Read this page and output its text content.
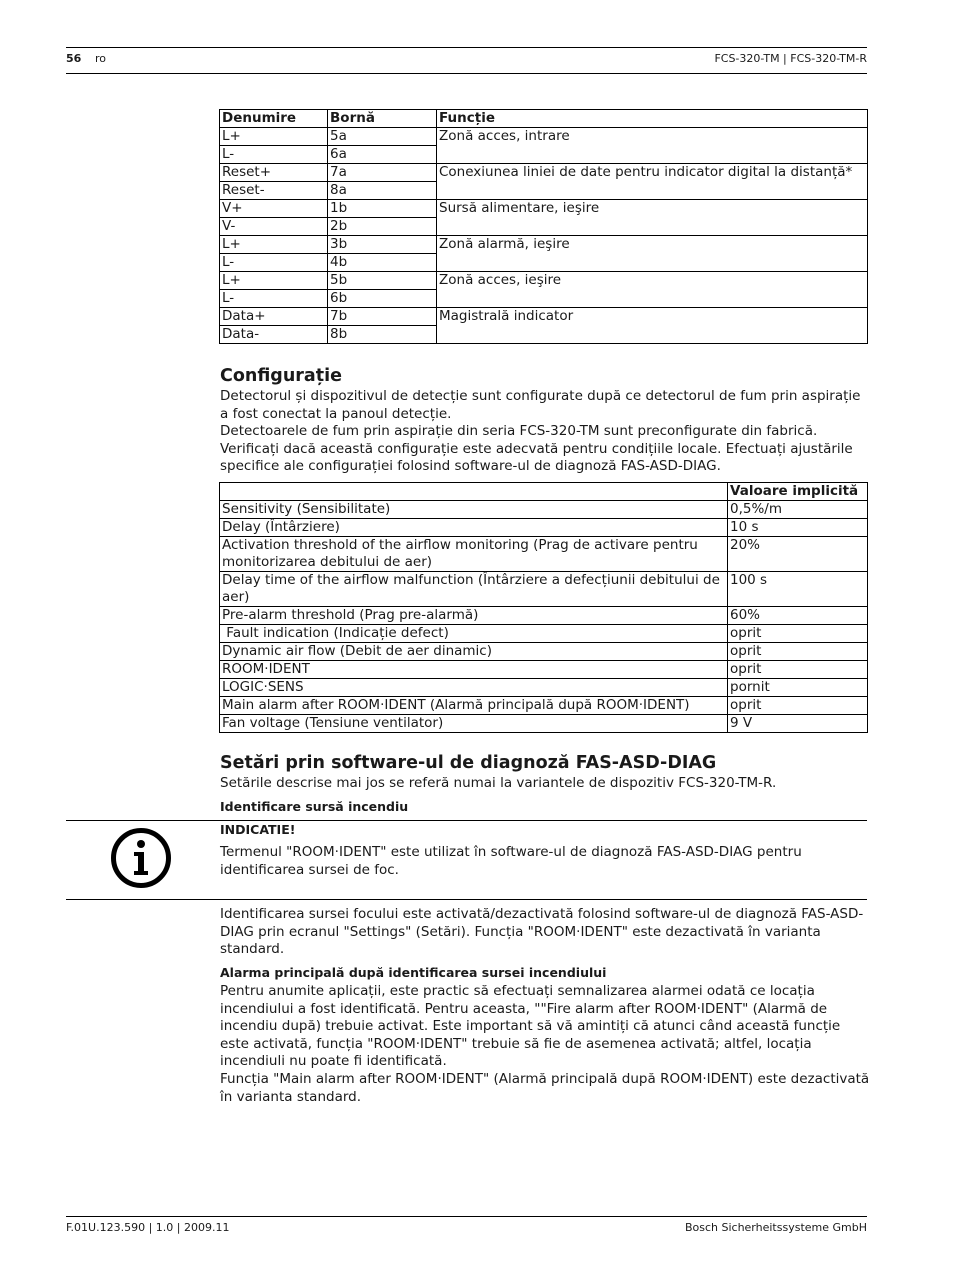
56 ro	FCS-320-TM | FCS-320-TM-R
Denumire	Bornă	Funcție
L+	5a	Zonă acces, intrare
L-	6a	
Reset+	7a	Conexiunea liniei de date pentru indicator digital la distanță*
Reset-	8a	
V+	1b	Sursă alimentare, ieşire
V-	2b	
L+	3b	Zonă alarmă, ieşire
L-	4b	
L+	5b	Zonă acces, ieşire
L-	6b	
Data+	7b	Magistrală indicator
Data-	8b	
Configurație

Detectorul și dispozitivul de detecție sunt configurate după ce detectorul de fum prin aspirație a fost conectat la panoul detecție.

Detectoarele de fum prin aspirație din seria FCS-320-TM sunt preconfigurate din fabrică. Verificați dacă această configurație este adecvată pentru condițiile locale. Efectuați ajustările specifice ale configurației folosind software-ul de diagnoză FAS-ASD-DIAG.

	Valoare implicită
Sensitivity (Sensibilitate)	0,5%/m
Delay (Întârziere)	10 s
Activation threshold of the airflow monitoring (Prag de activare pentru monitorizarea debitului de aer)	20%
Delay time of the airflow malfunction (Întârziere a defecțiunii debitului de aer)	100 s
Pre-alarm threshold (Prag pre-alarmă)	60%
Fault indication (Indicație defect)	oprit
Dynamic air flow (Debit de aer dinamic)	oprit
ROOM·IDENT	oprit
LOGIC·SENS	pornit
Main alarm after ROOM·IDENT (Alarmă principală după ROOM·IDENT)	oprit
Fan voltage (Tensiune ventilator)	9 V
Setări prin software-ul de diagnoză FAS-ASD-DIAG

Setările descrise mai jos se referă numai la variantele de dispozitiv FCS-320-TM-R.

Identificare sursă incendiu

INDICATIE!

Termenul "ROOM·IDENT" este utilizat în software-ul de diagnoză FAS-ASD-DIAG pentru identificarea sursei de foc.

Identificarea sursei focului este activată/dezactivată folosind software-ul de diagnoză FAS-ASD-DIAG prin ecranul "Settings" (Setări). Funcția "ROOM·IDENT" este dezactivată în varianta standard.

Alarma principală după identificarea sursei incendiului

Pentru anumite aplicații, este practic să efectuați semnalizarea alarmei odată ce locația incendiului a fost identificată. Pentru aceasta, ""Fire alarm after ROOM·IDENT" (Alarmă de incendiu după) trebuie activat. Este important să vă amintiți că atunci când această funcție este activată, funcția "ROOM·IDENT" trebuie să fie de asemenea activată; altfel, locația incendiuli nu poate fi identificată.

Funcția "Main alarm after ROOM·IDENT" (Alarmă principală după ROOM·IDENT) este dezactivată în varianta standard.

F.01U.123.590 | 1.0 | 2009.11	Bosch Sicherheitssysteme GmbH
